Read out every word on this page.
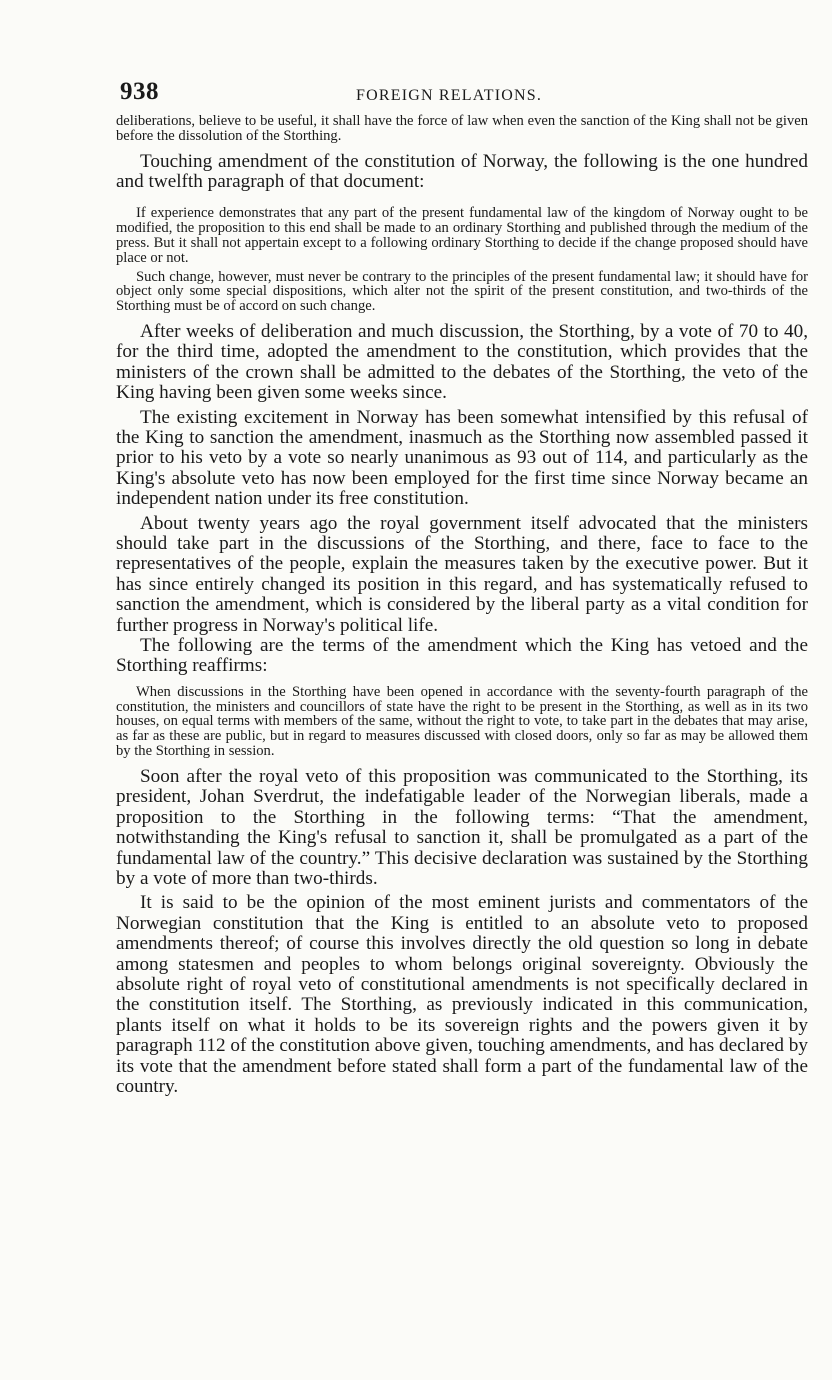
938	FOREIGN RELATIONS.

deliberations, believe to be useful, it shall have the force of law when even the sanction of the King shall not be given before the dissolution of the Storthing.

Touching amendment of the constitution of Norway, the following is the one hundred and twelfth paragraph of that document:

If experience demonstrates that any part of the present fundamental law of the kingdom of Norway ought to be modified, the proposition to this end shall be made to an ordinary Storthing and published through the medium of the press. But it shall not appertain except to a following ordinary Storthing to decide if the change proposed should have place or not.

Such change, however, must never be contrary to the principles of the present fundamental law; it should have for object only some special dispositions, which alter not the spirit of the present constitution, and two-thirds of the Storthing must be of accord on such change.

After weeks of deliberation and much discussion, the Storthing, by a vote of 70 to 40, for the third time, adopted the amendment to the constitution, which provides that the ministers of the crown shall be admitted to the debates of the Storthing, the veto of the King having been given some weeks since.

The existing excitement in Norway has been somewhat intensified by this refusal of the King to sanction the amendment, inasmuch as the Storthing now assembled passed it prior to his veto by a vote so nearly unanimous as 93 out of 114, and particularly as the King's absolute veto has now been employed for the first time since Norway became an independent nation under its free constitution.

About twenty years ago the royal government itself advocated that the ministers should take part in the discussions of the Storthing, and there, face to face to the representatives of the people, explain the measures taken by the executive power. But it has since entirely changed its position in this regard, and has systematically refused to sanction the amendment, which is considered by the liberal party as a vital condition for further progress in Norway's political life.

The following are the terms of the amendment which the King has vetoed and the Storthing reaffirms:

When discussions in the Storthing have been opened in accordance with the seventy-fourth paragraph of the constitution, the ministers and councillors of state have the right to be present in the Storthing, as well as in its two houses, on equal terms with members of the same, without the right to vote, to take part in the debates that may arise, as far as these are public, but in regard to measures discussed with closed doors, only so far as may be allowed them by the Storthing in session.

Soon after the royal veto of this proposition was communicated to the Storthing, its president, Johan Sverdrut, the indefatigable leader of the Norwegian liberals, made a proposition to the Storthing in the following terms: “That the amendment, notwithstanding the King's refusal to sanction it, shall be promulgated as a part of the fundamental law of the country.” This decisive declaration was sustained by the Storthing by a vote of more than two-thirds.

It is said to be the opinion of the most eminent jurists and commentators of the Norwegian constitution that the King is entitled to an absolute veto to proposed amendments thereof; of course this involves directly the old question so long in debate among statesmen and peoples to whom belongs original sovereignty. Obviously the absolute right of royal veto of constitutional amendments is not specifically declared in the constitution itself. The Storthing, as previously indicated in this communication, plants itself on what it holds to be its sovereign rights and the powers given it by paragraph 112 of the constitution above given, touching amendments, and has declared by its vote that the amendment before stated shall form a part of the fundamental law of the country.
